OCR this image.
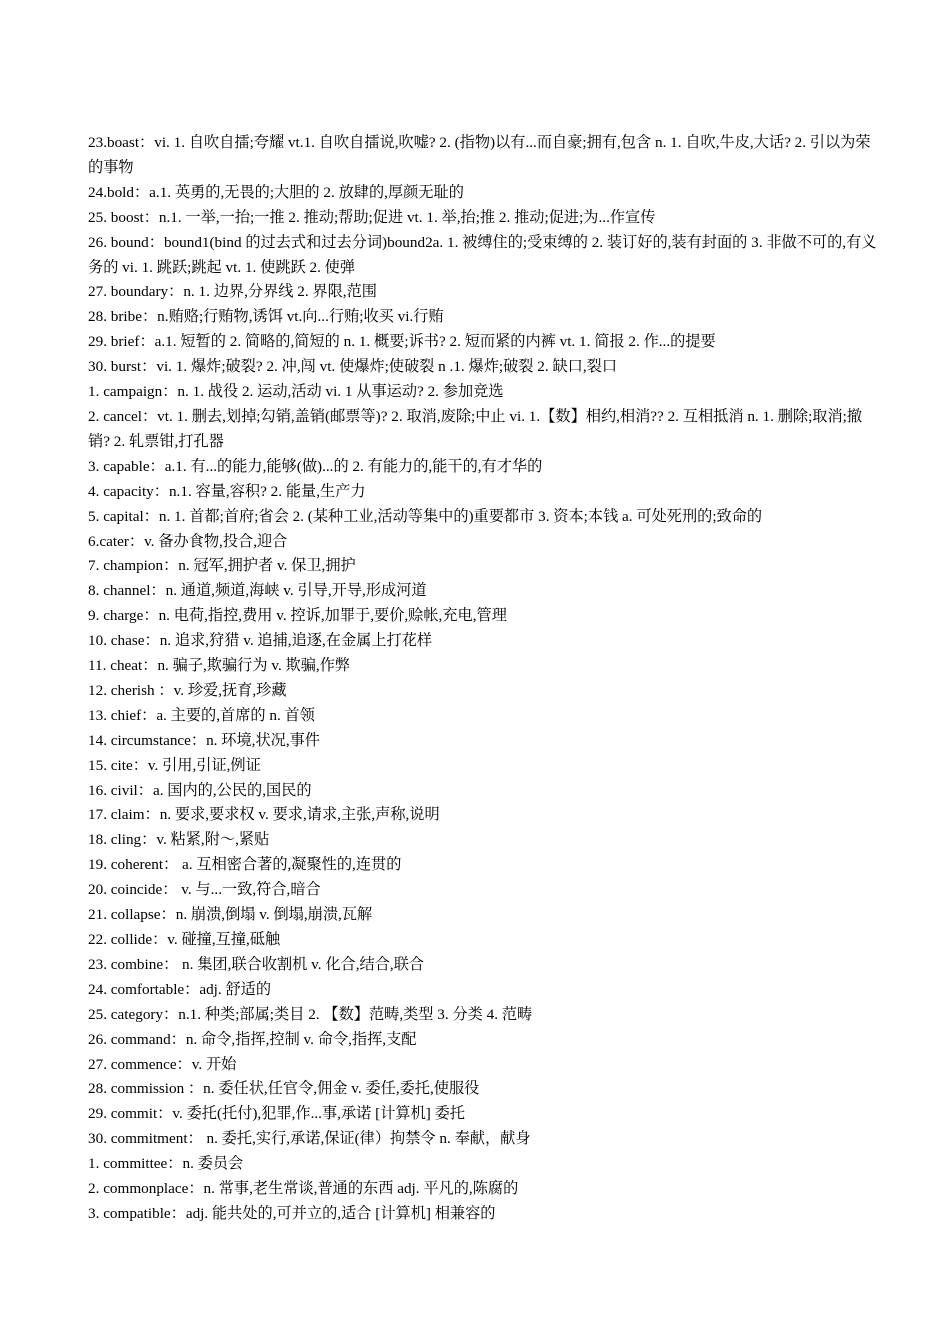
23.boast：vi. 1. 自吹自擂;夸耀 vt.1. 自吹自擂说,吹嘘? 2. (指物)以有...而自豪;拥有,包含 n. 1. 自吹,牛皮,大话? 2. 引以为荣的事物

24.bold：a.1. 英勇的,无畏的;大胆的 2. 放肆的,厚颜无耻的

25. boost：n.1. 一举,一抬;一推 2. 推动;帮助;促进 vt. 1. 举,抬;推 2. 推动;促进;为...作宣传

26. bound：bound1(bind 的过去式和过去分词)bound2a. 1. 被缚住的;受束缚的 2. 装订好的,装有封面的 3. 非做不可的,有义务的 vi. 1. 跳跃;跳起 vt. 1. 使跳跃 2. 使弹

27. boundary：n. 1. 边界,分界线 2. 界限,范围

28. bribe：n.贿赂;行贿物,诱饵 vt.向...行贿;收买 vi.行贿

29. brief：a.1. 短暂的 2. 简略的,简短的 n. 1. 概要;诉书? 2. 短而紧的内裤 vt. 1. 简报 2. 作...的提要

30. burst：vi. 1. 爆炸;破裂? 2. 冲,闯 vt. 使爆炸;使破裂 n .1. 爆炸;破裂 2. 缺口,裂口

1. campaign：n. 1. 战役 2. 运动,活动 vi. 1 从事运动? 2. 参加竞选

2. cancel：vt. 1. 删去,划掉;勾销,盖销(邮票等)? 2. 取消,废除;中止 vi. 1.【数】相约,相消?? 2. 互相抵消 n. 1. 删除;取消;撤销? 2. 轧票钳,打孔器

3. capable：a.1. 有...的能力,能够(做)...的 2. 有能力的,能干的,有才华的

4. capacity：n.1. 容量,容积? 2. 能量,生产力

5. capital：n. 1. 首都;首府;省会 2. (某种工业,活动等集中的)重要都市 3. 资本;本钱 a. 可处死刑的;致命的

6.cater：v. 备办食物,投合,迎合

7. champion：n. 冠军,拥护者 v. 保卫,拥护

8. channel：n. 通道,频道,海峡 v. 引导,开导,形成河道

9. charge：n. 电荷,指控,费用 v. 控诉,加罪于,要价,赊帐,充电,管理

10. chase：n. 追求,狩猎 v. 追捕,追逐,在金属上打花样

11. cheat：n. 骗子,欺骗行为 v. 欺骗,作弊

12. cherish ：v. 珍爱,抚育,珍藏

13. chief：a. 主要的,首席的 n. 首领

14. circumstance：n. 环境,状况,事件

15. cite：v. 引用,引证,例证

16. civil：a. 国内的,公民的,国民的

17. claim：n. 要求,要求权 v. 要求,请求,主张,声称,说明

18. cling：v. 粘紧,附～,紧贴

19. coherent： a. 互相密合著的,凝聚性的,连贯的

20. coincide： v. 与...一致,符合,暗合

21. collapse：n. 崩溃,倒塌 v. 倒塌,崩溃,瓦解

22. collide：v. 碰撞,互撞,砥触

23. combine： n. 集团,联合收割机 v. 化合,结合,联合

24. comfortable：adj. 舒适的

25. category：n.1. 种类;部属;类目 2. 【数】范畴,类型 3. 分类 4. 范畴

26. command：n. 命令,指挥,控制 v. 命令,指挥,支配

27. commence：v. 开始

28. commission ：n. 委任状,任官令,佣金 v. 委任,委托,使服役

29. commit：v. 委托(托付),犯罪,作...事,承诺 [计算机] 委托

30. commitment： n. 委托,实行,承诺,保证(律）拘禁令 n. 奉献，献身

1. committee：n. 委员会

2. commonplace：n. 常事,老生常谈,普通的东西 adj. 平凡的,陈腐的

3. compatible：adj. 能共处的,可并立的,适合 [计算机] 相兼容的
